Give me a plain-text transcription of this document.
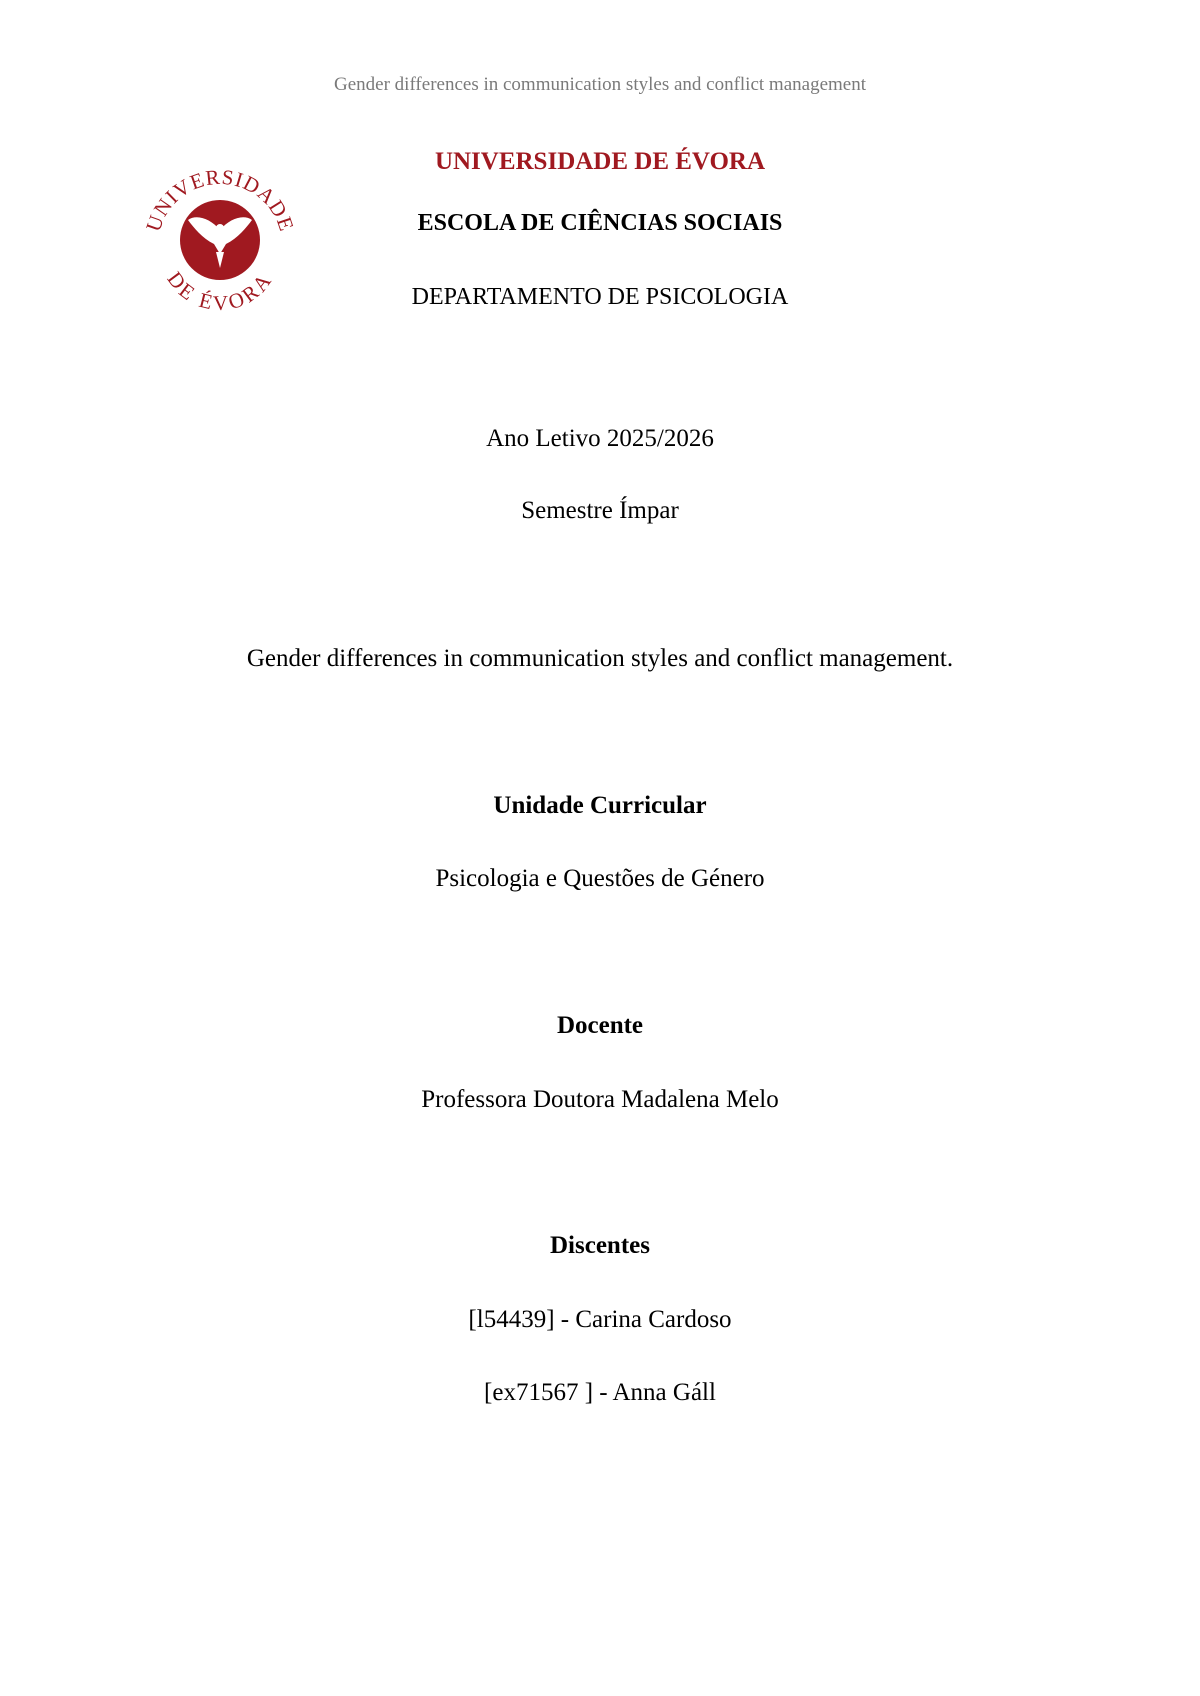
Gender differences in communication styles and conflict management
UNIVERSIDADE
DE ÉVORA
UNIVERSIDADE DE ÉVORA
ESCOLA DE CIÊNCIAS SOCIAIS
DEPARTAMENTO DE PSICOLOGIA
Ano Letivo 2025/2026
Semestre Ímpar
Gender differences in communication styles and conflict management.
Unidade Curricular
Psicologia e Questões de Género
Docente
Professora Doutora Madalena Melo
Discentes
[l54439] - Carina Cardoso
[ex71567 ] - Anna Gáll
